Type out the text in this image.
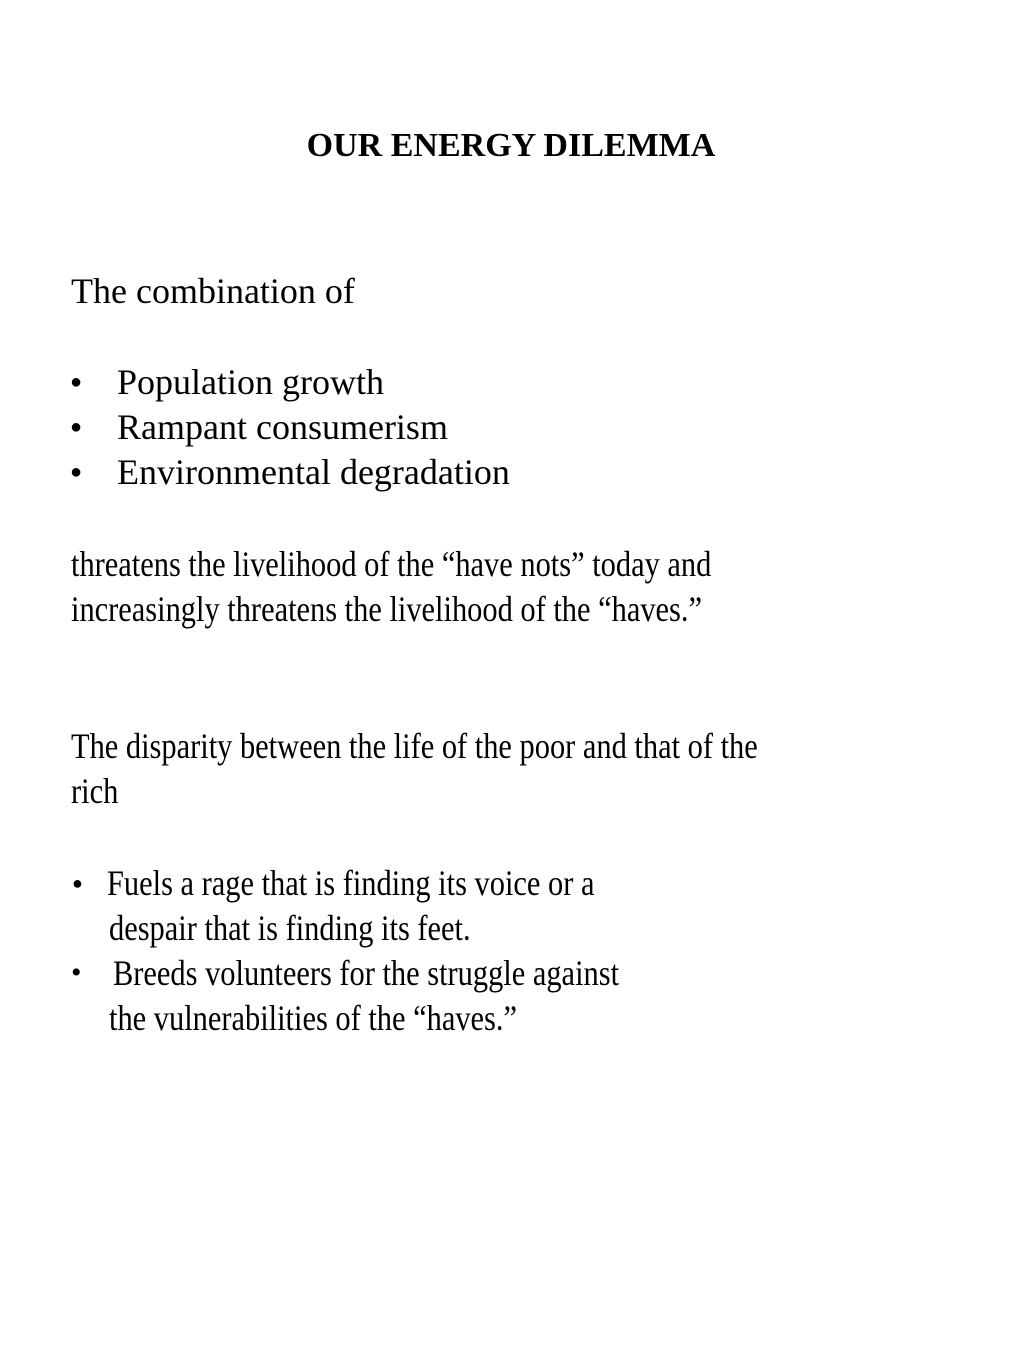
OUR ENERGY DILEMMA
The combination of
● Population growth
● Rampant consumerism
● Environmental degradation
threatens the livelihood of the “have nots” today and
increasingly threatens the livelihood of the “haves.”
The disparity between the life of the poor and that of the
rich
● Fuels a rage that is finding its voice or a
despair that is finding its feet.
• Breeds volunteers for the struggle against
the vulnerabilities of the “haves.”
